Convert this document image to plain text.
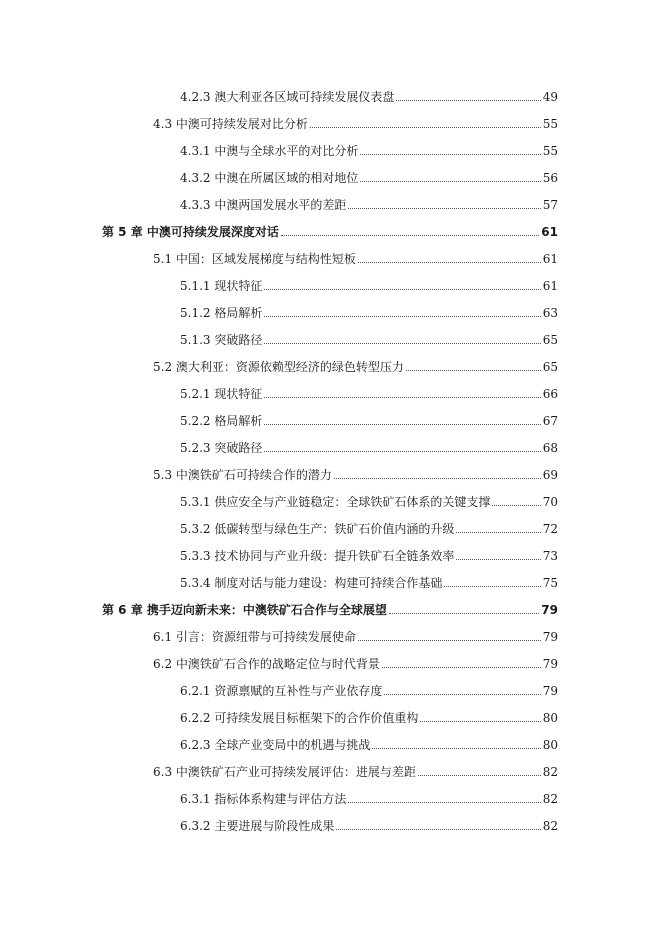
4.2.3 澳大利亚各区域可持续发展仪表盘	49
4.3 中澳可持续发展对比分析	55
4.3.1 中澳与全球水平的对比分析	55
4.3.2 中澳在所属区域的相对地位	56
4.3.3 中澳两国发展水平的差距	57
第 5 章 中澳可持续发展深度对话	61
5.1 中国：区域发展梯度与结构性短板	61
5.1.1 现状特征	61
5.1.2 格局解析	63
5.1.3 突破路径	65
5.2 澳大利亚：资源依赖型经济的绿色转型压力	65
5.2.1 现状特征	66
5.2.2 格局解析	67
5.2.3 突破路径	68
5.3 中澳铁矿石可持续合作的潜力	69
5.3.1 供应安全与产业链稳定：全球铁矿石体系的关键支撑	70
5.3.2 低碳转型与绿色生产：铁矿石价值内涵的升级	72
5.3.3 技术协同与产业升级：提升铁矿石全链条效率	73
5.3.4 制度对话与能力建设：构建可持续合作基础	75
第 6 章 携手迈向新未来：中澳铁矿石合作与全球展望	79
6.1 引言：资源纽带与可持续发展使命	79
6.2 中澳铁矿石合作的战略定位与时代背景	79
6.2.1 资源禀赋的互补性与产业依存度	79
6.2.2 可持续发展目标框架下的合作价值重构	80
6.2.3 全球产业变局中的机遇与挑战	80
6.3 中澳铁矿石产业可持续发展评估：进展与差距	82
6.3.1 指标体系构建与评估方法	82
6.3.2 主要进展与阶段性成果	82
